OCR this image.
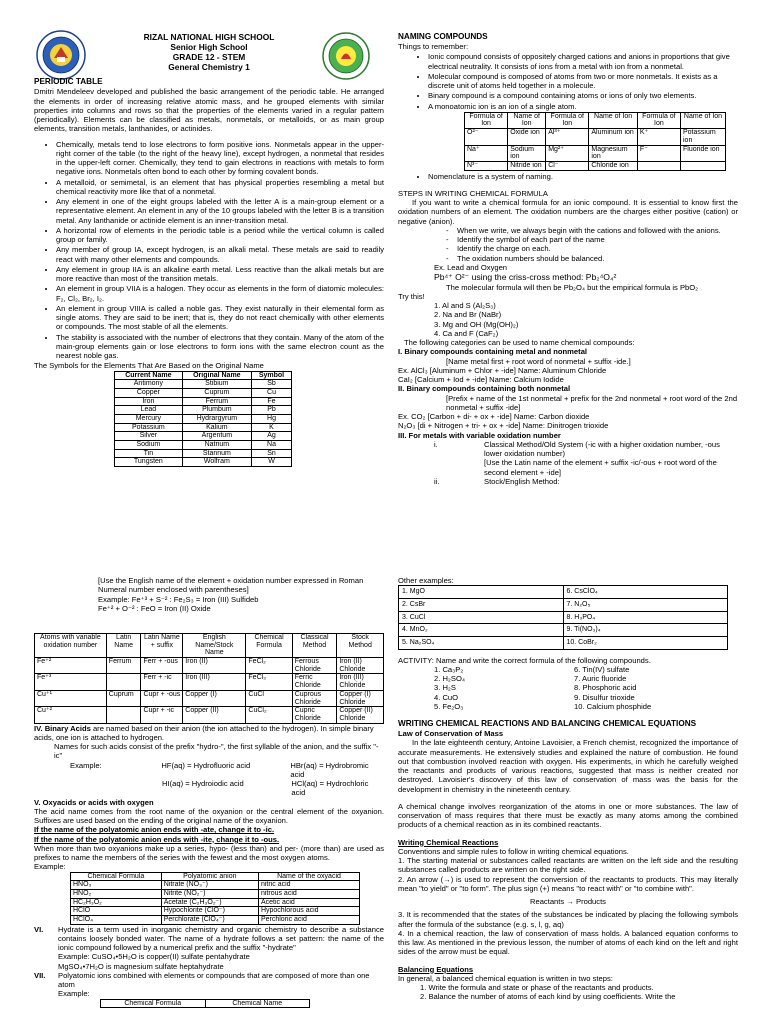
RIZAL NATIONAL HIGH SCHOOL
Senior High School
GRADE 12 - STEM
General Chemistry 1
PERIODIC TABLE

Dmitri Mendeleev developed and published the basic arrangement of the periodic table. He arranged the elements in order of increasing relative atomic mass, and he grouped elements with similar properties into columns and rows so that the properties of the elements varied in a regular pattern (periodically). Elements can be classified as metals, nonmetals, or metalloids, or as main group elements, transition metals, lanthanides, or actinides.

• Chemically, metals tend to lose electrons to form positive ions. Nonmetals appear in the upper-right corner of the table (to the right of the heavy line), except hydrogen, a nonmetal that resides in the upper-left corner. Chemically, they tend to gain electrons in reactions with metals to form negative ions. Nonmetals often bond to each other by forming covalent bonds.
• A metalloid, or semimetal, is an element that has physical properties resembling a metal but chemical reactivity more like that of a nonmetal.
• Any element in one of the eight groups labeled with the letter A is a main-group element or a representative element. An element in any of the 10 groups labeled with the letter B is a transition metal. Any lanthanide or actinide element is an inner-transition metal.
• A horizontal row of elements in the periodic table is a period while the vertical column is called group or family.
• Any member of group IA, except hydrogen, is an alkali metal. These metals are said to readily react with many other elements and compounds.
• Any element in group IIA is an alkaline earth metal. Less reactive than the alkali metals but are more reactive than most of the transition metals.
• An element in group VIIA is a halogen. They occur as elements in the form of diatomic molecules: F₂, Cl₂, Br₂, I₂.
• An element in group VIIIA is called a noble gas. They exist naturally in their elemental form as single atoms. They are said to be inert; that is, they do not react chemically with other elements or compounds. The most stable of all the elements.
• The stability is associated with the number of electrons that they contain. Many of the atom of the main-group elements gain or lose electrons to form ions with the same electron count as the nearest noble gas.
The Symbols for the Elements That Are Based on the Original Name
Current Name	Original Name	Symbol
Antimony	Stibium	Sb
Copper	Cuprum	Cu
Iron	Ferrum	Fe
Lead	Plumbum	Pb
Mercury	Hydrargyrum	Hg
Potassium	Kalium	K
Silver	Argentum	Ag
Sodium	Natrium	Na
Tin	Stannum	Sn
Tungsten	Wolfram	W
NAMING COMPOUNDS
Things to remember:
• Ionic compound consists of oppositely charged cations and anions in proportions that give electrical neutrality. It consists of ions from a metal with ion from a nonmetal.
• Molecular compound is composed of atoms from two or more nonmetals. It exists as a discrete unit of atoms held together in a molecule.
• Binary compound is a compound containing atoms or ions of only two elements.
• A monoatomic ion is an ion of a single atom.
Formula of Ion	Name of Ion	Formula of Ion	Name of Ion	Formula of Ion	Name of Ion
O²⁻	Oxide ion	Al³⁺	Aluminum ion	K⁺	Potassium ion
Na⁺	Sodium ion	Mg²⁺	Magnesium ion	F⁻	Fluoride ion
N³⁻	Nitride ion	Cl⁻	Chloride ion		
• Nomenclature is a system of naming.
STEPS IN WRITING CHEMICAL FORMULA

If you want to write a chemical formula for an ionic compound. It is essential to know first the oxidation numbers of an element. The oxidation numbers are the charges either positive (cation) or negative (anion).

-    When we write, we always begin with the cations and followed with the anions.
-    Identify the symbol of each part of the name
-    Identify the charge on each.
-    The oxidation numbers should be balanced.
Ex. Lead and Oxygen
Pb⁴⁺ O²⁻ using the criss-cross method: Pb₂⁴O₄²
The molecular formula will then be Pb₂O₄ but the empirical formula is PbO₂
Try this!
1. Al and S (Al₂S₃)
2. Na and Br (NaBr)
3. Mg and OH (Mg(OH)₂)
4. Ca and F (CaF₂)
The following categories can be used to name chemical compounds:
I. Binary compounds containing metal and nonmetal
[Name metal first + root word of nonmetal + suffix -ide.]
Ex. AlCl₃ [Aluminum + Chlor + -ide] Name: Aluminum Chloride
CaI₂ [Calcium + Iod + -ide] Name: Calcium Iodide
II. Binary compounds containing both nonmetal
[Prefix + name of the 1st nonmetal + prefix for the 2nd nonmetal + root word of the 2nd nonmetal + suffix -ide]
Ex. CO₂ [Carbon + di- + ox + -ide] Name: Carbon dioxide
N₂O₃ [di + Nitrogen + tri- + ox + -ide] Name: Dinitrogen trioxide
III. For metals with variable oxidation number
i.	Classical Method/Old System (-ic with a higher oxidation number, -ous lower oxidation number)
[Use the Latin name of the element + suffix -ic/-ous + root word of the second element + -ide]
ii.	Stock/English Method:
[Use the English name of the element + oxidation number expressed in Roman Numeral number enclosed with parentheses]
Example: Fe⁺³ + S⁻² : Fe₂S₃ = Iron (III) Sulfideb
Fe⁺² + O⁻² : FeO = Iron (II) Oxide
Atoms with variable oxidation number	Latin Name	Latin Name + suffix	English Name/Stock Name	Chemical Formula	Classical Method	Stock Method
Fe⁺²	Ferrum	Ferr + -ous	Iron (II)	FeCl₂	Ferrous Chloride	Iron (II) Chloride
Fe⁺³		Ferr + -ic	Iron (III)	FeCl₃	Ferric Chloride	Iron (III) Chloride
Cu⁺¹	Cuprum	Cupr + -ous	Copper (I)	CuCl	Cuprous Chloride	Copper (I) Chloride
Cu⁺²		Cupr + -ic	Copper (II)	CuCl₂	Cupric Chloride	Copper (II) Chloride
IV. Binary Acids are named based on their anion (the ion attached to the hydrogen). In simple binary acids, one ion is attached to hydrogen.
Names for such acids consist of the prefix "hydro-", the first syllable of the anion, and the suffix "-ic"
Example:	HF(aq) = Hydrofluoric acid	HBr(aq) = Hydrobromic acid
HI(aq) = Hydroiodic acid	HCl(aq) = Hydrochloric acid
V. Oxyacids or acids with oxygen

The acid name comes from the root name of the oxyanion or the central element of the oxyanion. Suffixes are used based on the ending of the original name of the oxyanion.

If the name of the polyatomic anion ends with -ate, change it to -ic.
If the name of the polyatomic anion ends with -ite, change it to -ous.

When more than two oxyanions make up a series, hypo- (less than) and per- (more than) are used as prefixes to name the members of the series with the fewest and the most oxygen atoms.

Example:
Chemical Formula	Polyatomic anion	Name of the oxyacid
HNO₃	Nitrate (NO₃⁻)	nitric acid
HNO₂	Nitrite (NO₂⁻)	nitrous acid
HC₂H₃O₂	Acetate (C₂H₃O₂⁻)	Acetic acid
HClO	Hypochlorite (ClO⁻)	Hypochlorous acid
HClO₄	Perchlorate (ClO₄⁻)	Perchloric acid
VI.	Hydrate is a term used in inorganic chemistry and organic chemistry to describe a substance contains loosely bonded water. The name of a hydrate follows a set pattern: the name of the ionic compound followed by a numerical prefix and the suffix "-hydrate"
Example: CuSO₄•5H₂O is copper(II) sulfate pentahydrate
MgSO₄•7H₂O is magnesium sulfate heptahydrate
VII.	Polyatomic ions combined with elements or compounds that are composed of more than one atom
Example:
Chemical Formula	Chemical Name
Other examples:
1. MgO	6. CsClO₄
2. CsBr	7. N₂O₅
3. CuCl	8. H₃PO₄
4. MnO₂	9. Ti(NO₃)₄
5. Na₂SO₄	10. CoBr₂
ACTIVITY: Name and write the correct formula of the following compounds.
1. Ca₃P₂	6. Tin(IV) sulfate
2. H₂SO₄	7. Auric fluoride
3. H₂S	8. Phosphoric acid
4. CuO	9. Disulfur trioxide
5. Fe₂O₃	10. Calcium phosphide
WRITING CHEMICAL REACTIONS AND BALANCING CHEMICAL EQUATIONS
Law of Conservation of Mass

In the late eighteenth century, Antoine Lavoisier, a French chemist, recognized the importance of accurate measurements. He extensively studies and explained the nature of combustion. He found out that combustion involved reaction with oxygen. His experiments, in which he carefully weighed the reactants and products of various reactions, suggested that mass is neither created nor destroyed. Lavoisier's discovery of this law of conservation of mass was the basis for the development in chemistry in the nineteenth century.

A chemical change involves reorganization of the atoms in one or more substances. The law of conservation of mass requires that there must be exactly as many atoms among the combined products of a chemical reaction as in its combined reactants.

Writing Chemical Reactions
Conventions and simple rules to follow in writing chemical equations.

1. The starting material or substances called reactants are written on the left side and the resulting substances called products are written on the right side.

2. An arrow (→) is used to represent the conversion of the reactants to products. This may literally mean "to yield" or "to form". The plus sign (+) means "to react with" or "to combine with".

Reactants → Products

3. It is recommended that the states of the substances be indicated by placing the following symbols after the formula of the substance (e.g. s, l, g, aq)

4. In a chemical reaction, the law of conservation of mass holds. A balanced equation conforms to this law. As mentioned in the previous lesson, the number of atoms of each kind on the left and right sides of the arrow must be equal.

Balancing Equations
In general, a balanced chemical equation is written in two steps:
1. Write the formula and state or phase of the reactants and products.
2. Balance the number of atoms of each kind by using coefficients. Write the
